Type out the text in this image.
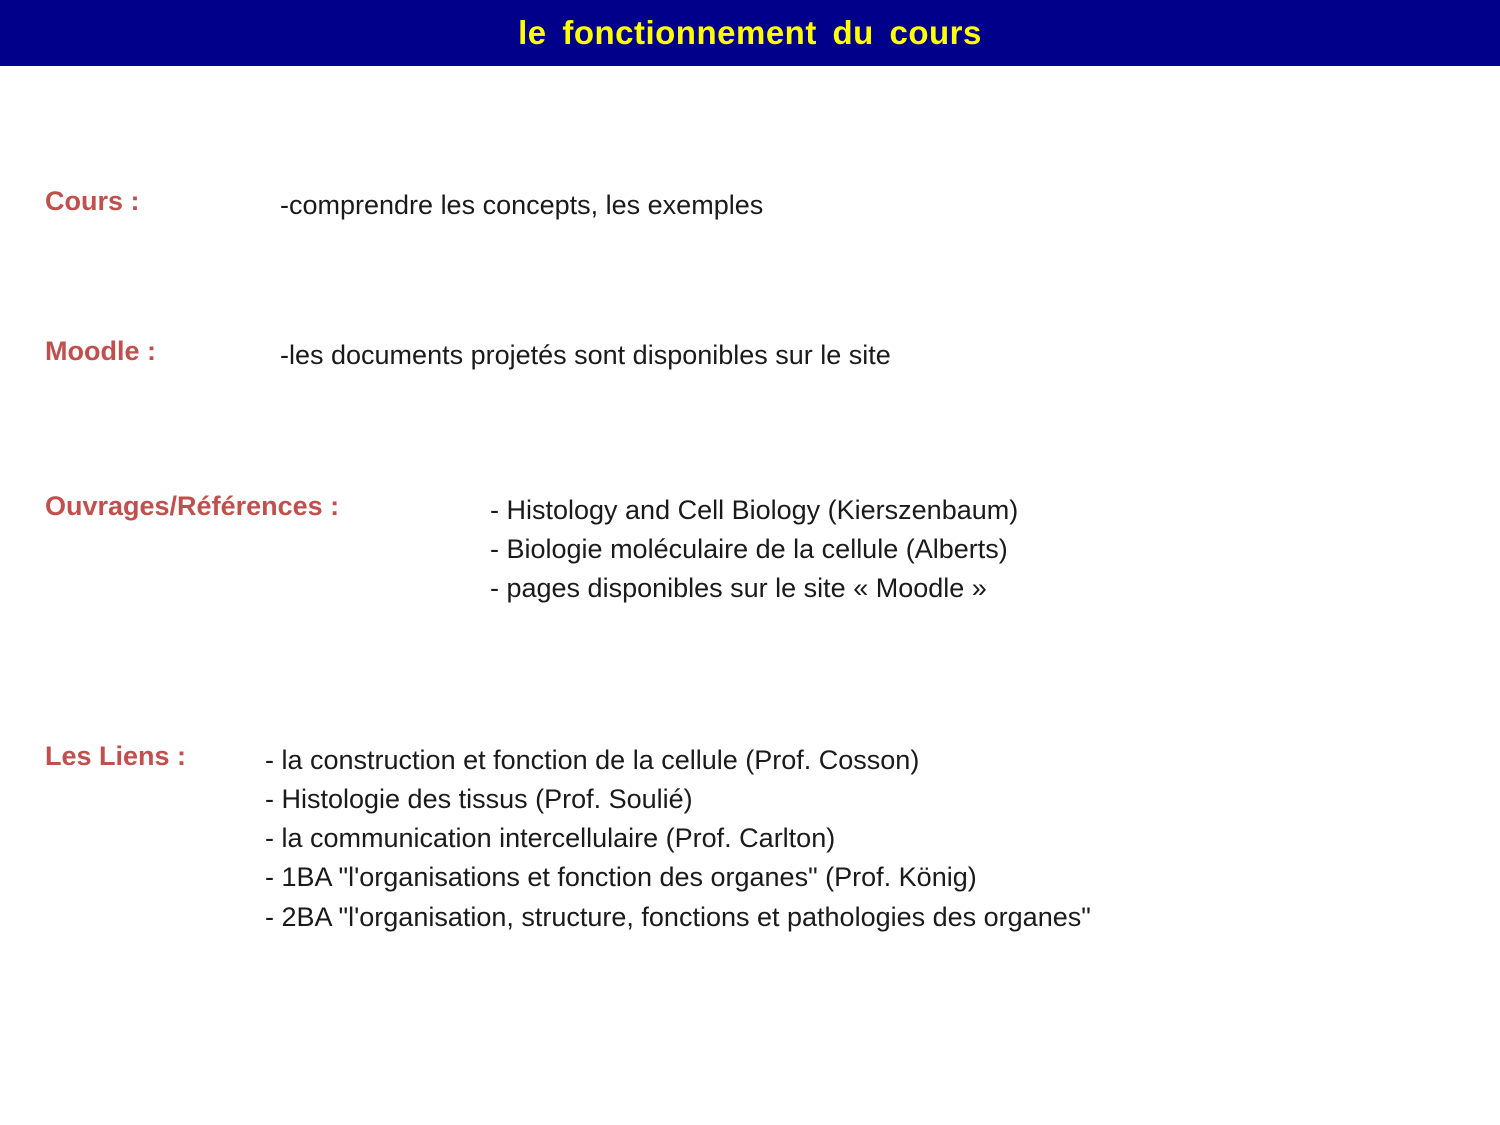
le fonctionnement du cours
Cours :	-comprendre les concepts, les exemples
Moodle :	-les documents projetés sont disponibles sur le site
Ouvrages/Références :	- Histology and Cell Biology (Kierszenbaum)
- Biologie moléculaire de la cellule (Alberts)
- pages disponibles sur le site « Moodle »
Les Liens :	- la construction et fonction de la cellule (Prof. Cosson)
- Histologie des tissus (Prof. Soulié)
- la communication intercellulaire (Prof. Carlton)
- 1BA "l'organisations et fonction des organes" (Prof. König)
- 2BA "l'organisation, structure, fonctions et pathologies des organes"
